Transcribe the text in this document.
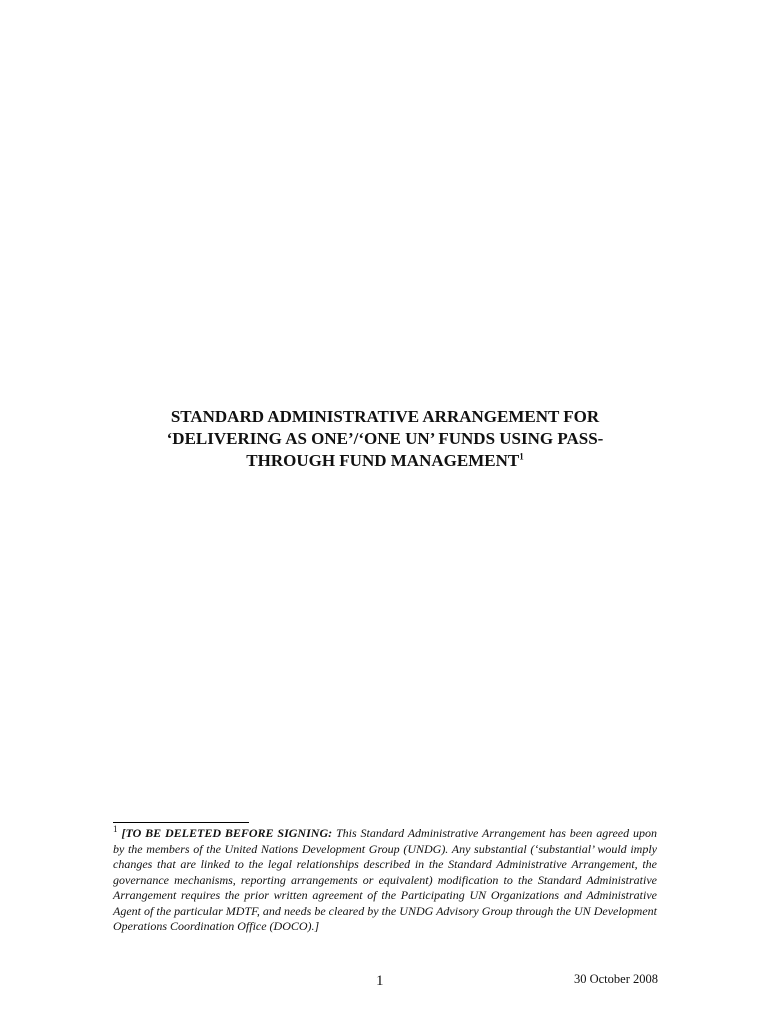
STANDARD ADMINISTRATIVE ARRANGEMENT FOR
‘DELIVERING AS ONE’/‘ONE UN’ FUNDS USING PASS-
THROUGH FUND MANAGEMENT$^1$
$^1$ [TO BE DELETED BEFORE SIGNING: This Standard Administrative Arrangement has been agreed upon by the members of the United Nations Development Group (UNDG). Any substantial (‘substantial’ would imply changes that are linked to the legal relationships described in the Standard Administrative Arrangement, the governance mechanisms, reporting arrangements or equivalent) modification to the Standard Administrative Arrangement requires the prior written agreement of the Participating UN Organizations and Administrative Agent of the particular MDTF, and needs be cleared by the UNDG Advisory Group through the UN Development Operations Coordination Office (DOCO).]
1	30 October 2008
